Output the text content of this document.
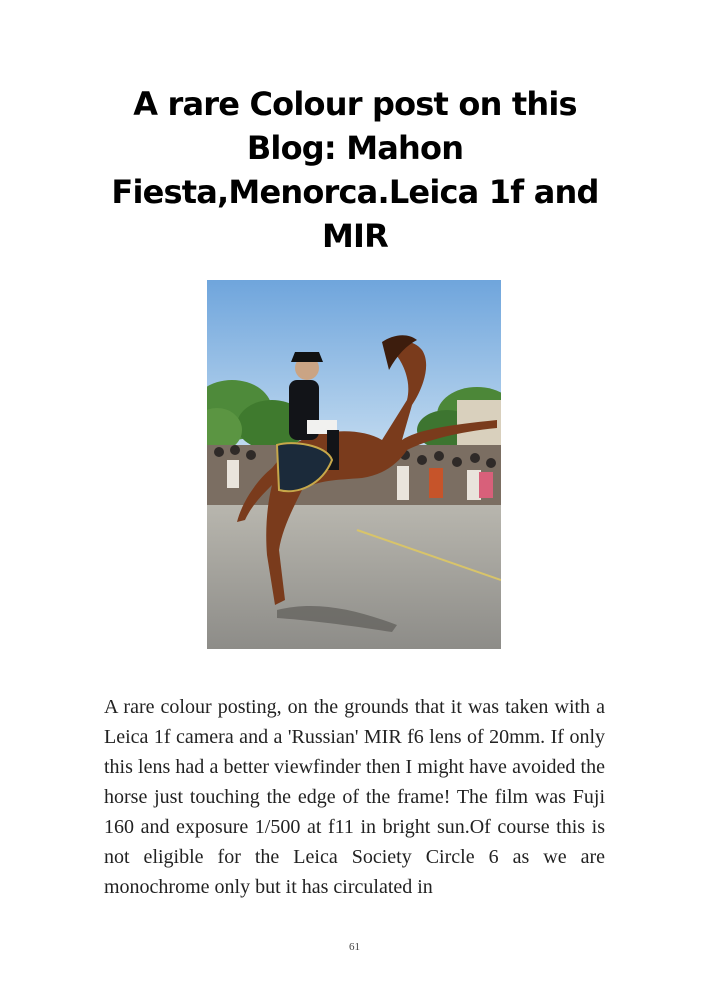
A rare Colour post on this Blog: Mahon Fiesta,Menorca.Leica 1f and MIR

A rare colour posting, on the grounds that it was taken with a Leica 1f camera and a 'Russian' MIR f6 lens of 20mm. If only this lens had a better viewfinder then I might have avoided the horse just touching the edge of the frame! The film was Fuji 160 and exposure 1/500 at f11 in bright sun.Of course this is not eligible for the Leica Society Circle 6 as we are monochrome only but it has circulated in

61
